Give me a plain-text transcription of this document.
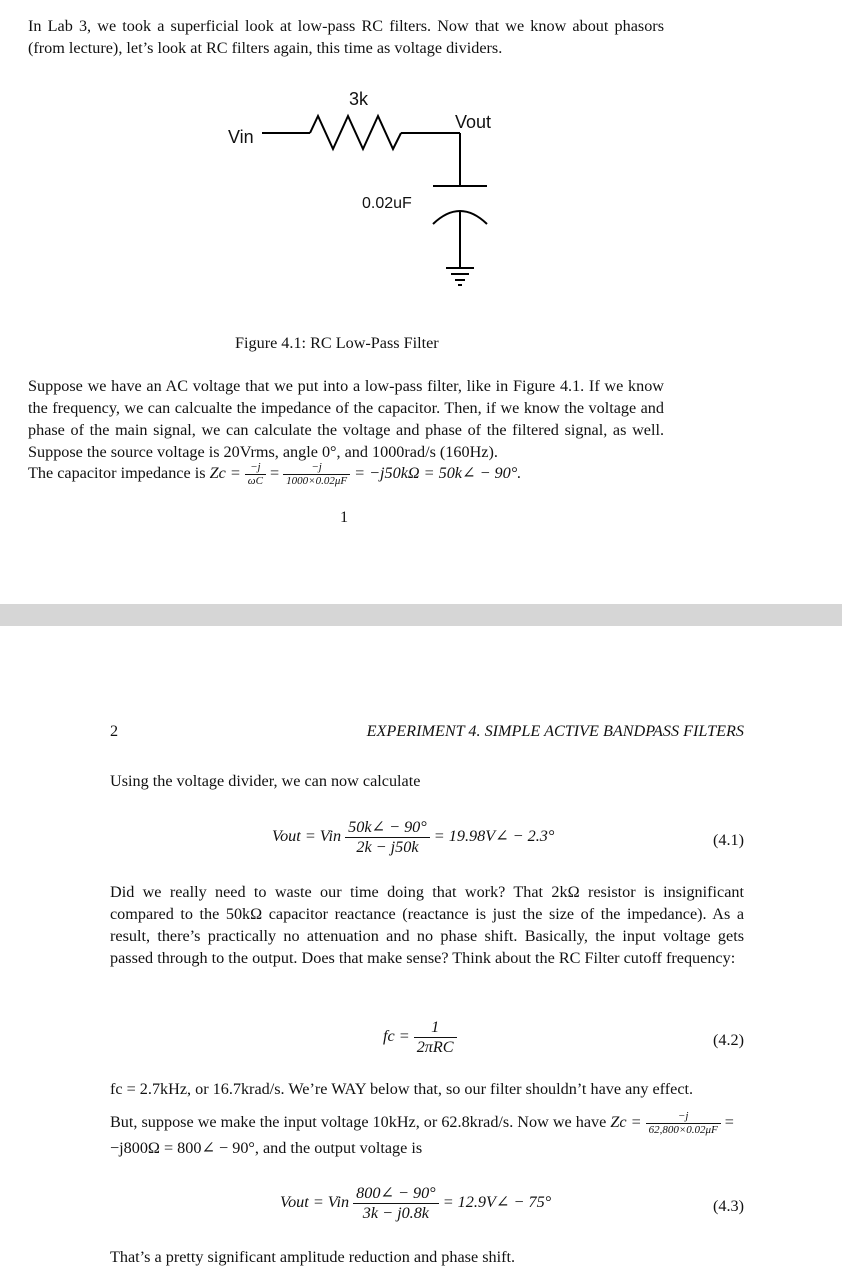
In Lab 3, we took a superficial look at low-pass RC filters. Now that we know about phasors (from lecture), let’s look at RC filters again, this time as voltage dividers.
3k
Vin
Vout
0.02uF
Figure 4.1: RC Low-Pass Filter
Suppose we have an AC voltage that we put into a low-pass filter, like in Figure 4.1. If we know the frequency, we can calcualte the impedance of the capacitor. Then, if we know the voltage and phase of the main signal, we can calculate the voltage and phase of the filtered signal, as well. Suppose the source voltage is 20Vrms, angle 0°, and 1000rad/s (160Hz).
The capacitor impedance is $Zc = \frac{-j}{\omega C} = \frac{-j}{1000\times 0.02\mu F} = -j50k\Omega$ = 50k∠ − 90°.
1
2	EXPERIMENT 4. SIMPLE ACTIVE BANDPASS FILTERS
Using the voltage divider, we can now calculate
Vout = Vin $\frac{50k\angle - 90^\circ}{2k - j50k}$ = 19.98V∠ − 2.3°	(4.1)
Did we really need to waste our time doing that work? That 2kΩ resistor is insignificant compared to the 50kΩ capacitor reactance (reactance is just the size of the impedance). As a result, there’s practically no attenuation and no phase shift. Basically, the input voltage gets passed through to the output. Does that make sense? Think about the RC Filter cutoff frequency:
fc = $\frac{1}{\text{2πRC}}$	(4.2)
fc = 2.7kHz, or 16.7krad/s. We’re WAY below that, so our filter shouldn’t have any effect.
But, suppose we make the input voltage 10kHz, or 62.8krad/s. Now we have $Zc = \frac{-j}{62,800\times 0.02\mu F}$ =
−j800Ω = 800∠ − 90°, and the output voltage is
Vout = Vin $\frac{800\angle - 90^\circ}{3k - j0.8k}$ = 12.9V∠ − 75°	(4.3)
That’s a pretty significant amplitude reduction and phase shift.
